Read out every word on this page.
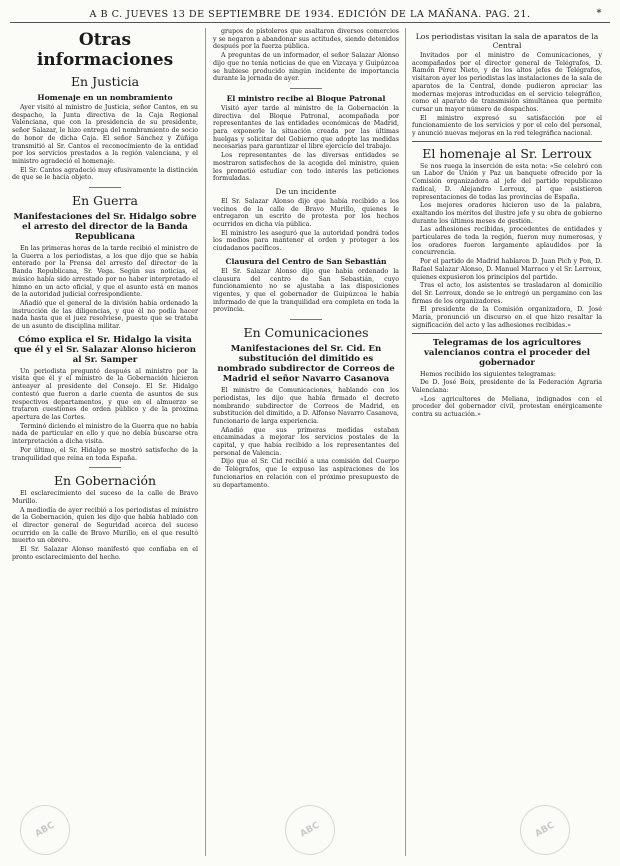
A B C. JUEVES 13 DE SEPTIEMBRE DE 1934. EDICIÓN DE LA MAÑANA. PAG. 21.	*
Otras informaciones
En Justicia
Homenaje en un nombramiento

Ayer visitó al ministro de Justicia, señor Cantos, en su despacho, la Junta directiva de la Caja Regional Valenciana, que con la presidencia de su presidente, señor Salazar, le hizo entrega del nombramiento de socio de honor de dicha Caja. El señor Sánchez y Zúñiga transmitió al Sr. Cantos el reconocimiento de la entidad por los servicios prestados a la región valenciana, y el ministro agradeció el homenaje.

El Sr. Cantos agradeció muy efusivamente la distinción de que se le hacía objeto.

En Guerra
Manifestaciones del Sr. Hidalgo sobre el arresto del director de la Banda Republicana

En las primeras horas de la tarde recibió el ministro de la Guerra a los periodistas, a los que dijo que se había enterado por la Prensa del arresto del director de la Banda Republicana, Sr. Vega. Según sus noticias, el músico había sido arrestado por no haber interpretado el himno en un acto oficial, y que el asunto está en manos de la autoridad judicial correspondiente.

Añadió que el general de la división había ordenado la instrucción de las diligencias, y que él no podía hacer nada hasta que el juez resolviese, puesto que se trataba de un asunto de disciplina militar.

Cómo explica el Sr. Hidalgo la visita que él y el Sr. Salazar Alonso hicieron al Sr. Samper

Un periodista preguntó después al ministro por la visita que él y el ministro de la Gobernación hicieron anteayer al presidente del Consejo. El Sr. Hidalgo contestó que fueron a darle cuenta de asuntos de sus respectivos departamentos, y que en el almuerzo se trataron cuestiones de orden público y de la próxima apertura de las Cortes.

Terminó diciendo el ministro de la Guerra que no había nada de particular en ello y que no debía buscarse otra interpretación a dicha visita.

Por último, el Sr. Hidalgo se mostró satisfecho de la tranquilidad que reina en toda España.

En Gobernación

El esclarecimiento del suceso de la calle de Bravo Murillo.

A mediodía de ayer recibió a los periodistas el ministro de la Gobernación, quien les dijo que había hablado con el director general de Seguridad acerca del suceso ocurrido en la calle de Bravo Murillo, en el que resultó muerto un obrero.

El Sr. Salazar Alonso manifestó que confiaba en el pronto esclarecimiento del hecho.

grupos de pistoleros que asaltaron diversos comercios y se negaron a abandonar sus actitudes, siendo detenidos después por la fuerza pública.

A preguntas de un informador, el señor Salazar Alonso dijo que no tenía noticias de que en Vizcaya y Guipúzcoa se hubiese producido ningún incidente de importancia durante la jornada de ayer.

El ministro recibe al Bloque Patronal

Visitó ayer tarde al ministro de la Gobernación la directiva del Bloque Patronal, acompañada por representantes de las entidades económicas de Madrid, para exponerle la situación creada por las últimas huelgas y solicitar del Gobierno que adopte las medidas necesarias para garantizar el libre ejercicio del trabajo.

Los representantes de las diversas entidades se mostraron satisfechos de la acogida del ministro, quien les prometió estudiar con todo interés las peticiones formuladas.

De un incidente

El Sr. Salazar Alonso dijo que había recibido a los vecinos de la calle de Bravo Murillo, quienes le entregaron un escrito de protesta por los hechos ocurridos en dicha vía pública.

El ministro les aseguró que la autoridad pondrá todos los medios para mantener el orden y proteger a los ciudadanos pacíficos.

Clausura del Centro de San Sebastián

El Sr. Salazar Alonso dijo que había ordenado la clausura del centro de San Sebastián, cuyo funcionamiento no se ajustaba a las disposiciones vigentes, y que el gobernador de Guipúzcoa le había informado de que la tranquilidad era completa en toda la provincia.

En Comunicaciones
Manifestaciones del Sr. Cid. En substitución del dimitido es nombrado subdirector de Correos de Madrid el señor Navarro Casanova

El ministro de Comunicaciones, hablando con los periodistas, les dijo que había firmado el decreto nombrando subdirector de Correos de Madrid, en substitución del dimitido, a D. Alfonso Navarro Casanova, funcionario de larga experiencia.

Añadió que sus primeras medidas estaban encaminadas a mejorar los servicios postales de la capital, y que había recibido a los representantes del personal de Valencia.

Dijo que el Sr. Cid recibió a una comisión del Cuerpo de Telégrafos, que le expuso las aspiraciones de los funcionarios en relación con el próximo presupuesto de su departamento.

Los periodistas visitan la sala de aparatos de la Central

Invitados por el ministro de Comunicaciones, y acompañados por el director general de Telégrafos, D. Ramón Pérez Nieto, y de los altos jefes de Telégrafos, visitaron ayer los periodistas las instalaciones de la sala de aparatos de la Central, donde pudieron apreciar las modernas mejoras introducidas en el servicio telegráfico, como el aparato de transmisión simultánea que permite cursar un mayor número de despachos.

El ministro expresó su satisfacción por el funcionamiento de los servicios y por el celo del personal, y anunció nuevas mejoras en la red telegráfica nacional.

El homenaje al Sr. Lerroux

Se nos ruega la inserción de esta nota: «Se celebró con un Labor de Unión y Paz un banquete ofrecido por la Comisión organizadora al jefe del partido republicano radical, D. Alejandro Lerroux, al que asistieron representaciones de todas las provincias de España.

Los mejores oradores hicieron uso de la palabra, exaltando los méritos del ilustre jefe y su obra de gobierno durante los últimos meses de gestión.

Las adhesiones recibidas, procedentes de entidades y particulares de toda la región, fueron muy numerosas, y los oradores fueron largamente aplaudidos por la concurrencia.

Por el partido de Madrid hablaron D. Juan Pich y Pon, D. Rafael Salazar Alonso, D. Manuel Marraco y el Sr. Lerroux, quienes expusieron los principios del partido.

Tras el acto, los asistentes se trasladaron al domicilio del Sr. Lerroux, donde se le entregó un pergamino con las firmas de los organizadores.

El presidente de la Comisión organizadora, D. José María, pronunció un discurso en el que hizo resaltar la significación del acto y las adhesiones recibidas.»

Telegramas de los agricultores valencianos contra el proceder del gobernador

Hemos recibido los siguientes telegramas:

De D. José Boix, presidente de la Federación Agraria Valenciana:

«Los agricultores de Meliana, indignados con el proceder del gobernador civil, protestan enérgicamente contra su actuación.»

ABC	ABC	ABC
